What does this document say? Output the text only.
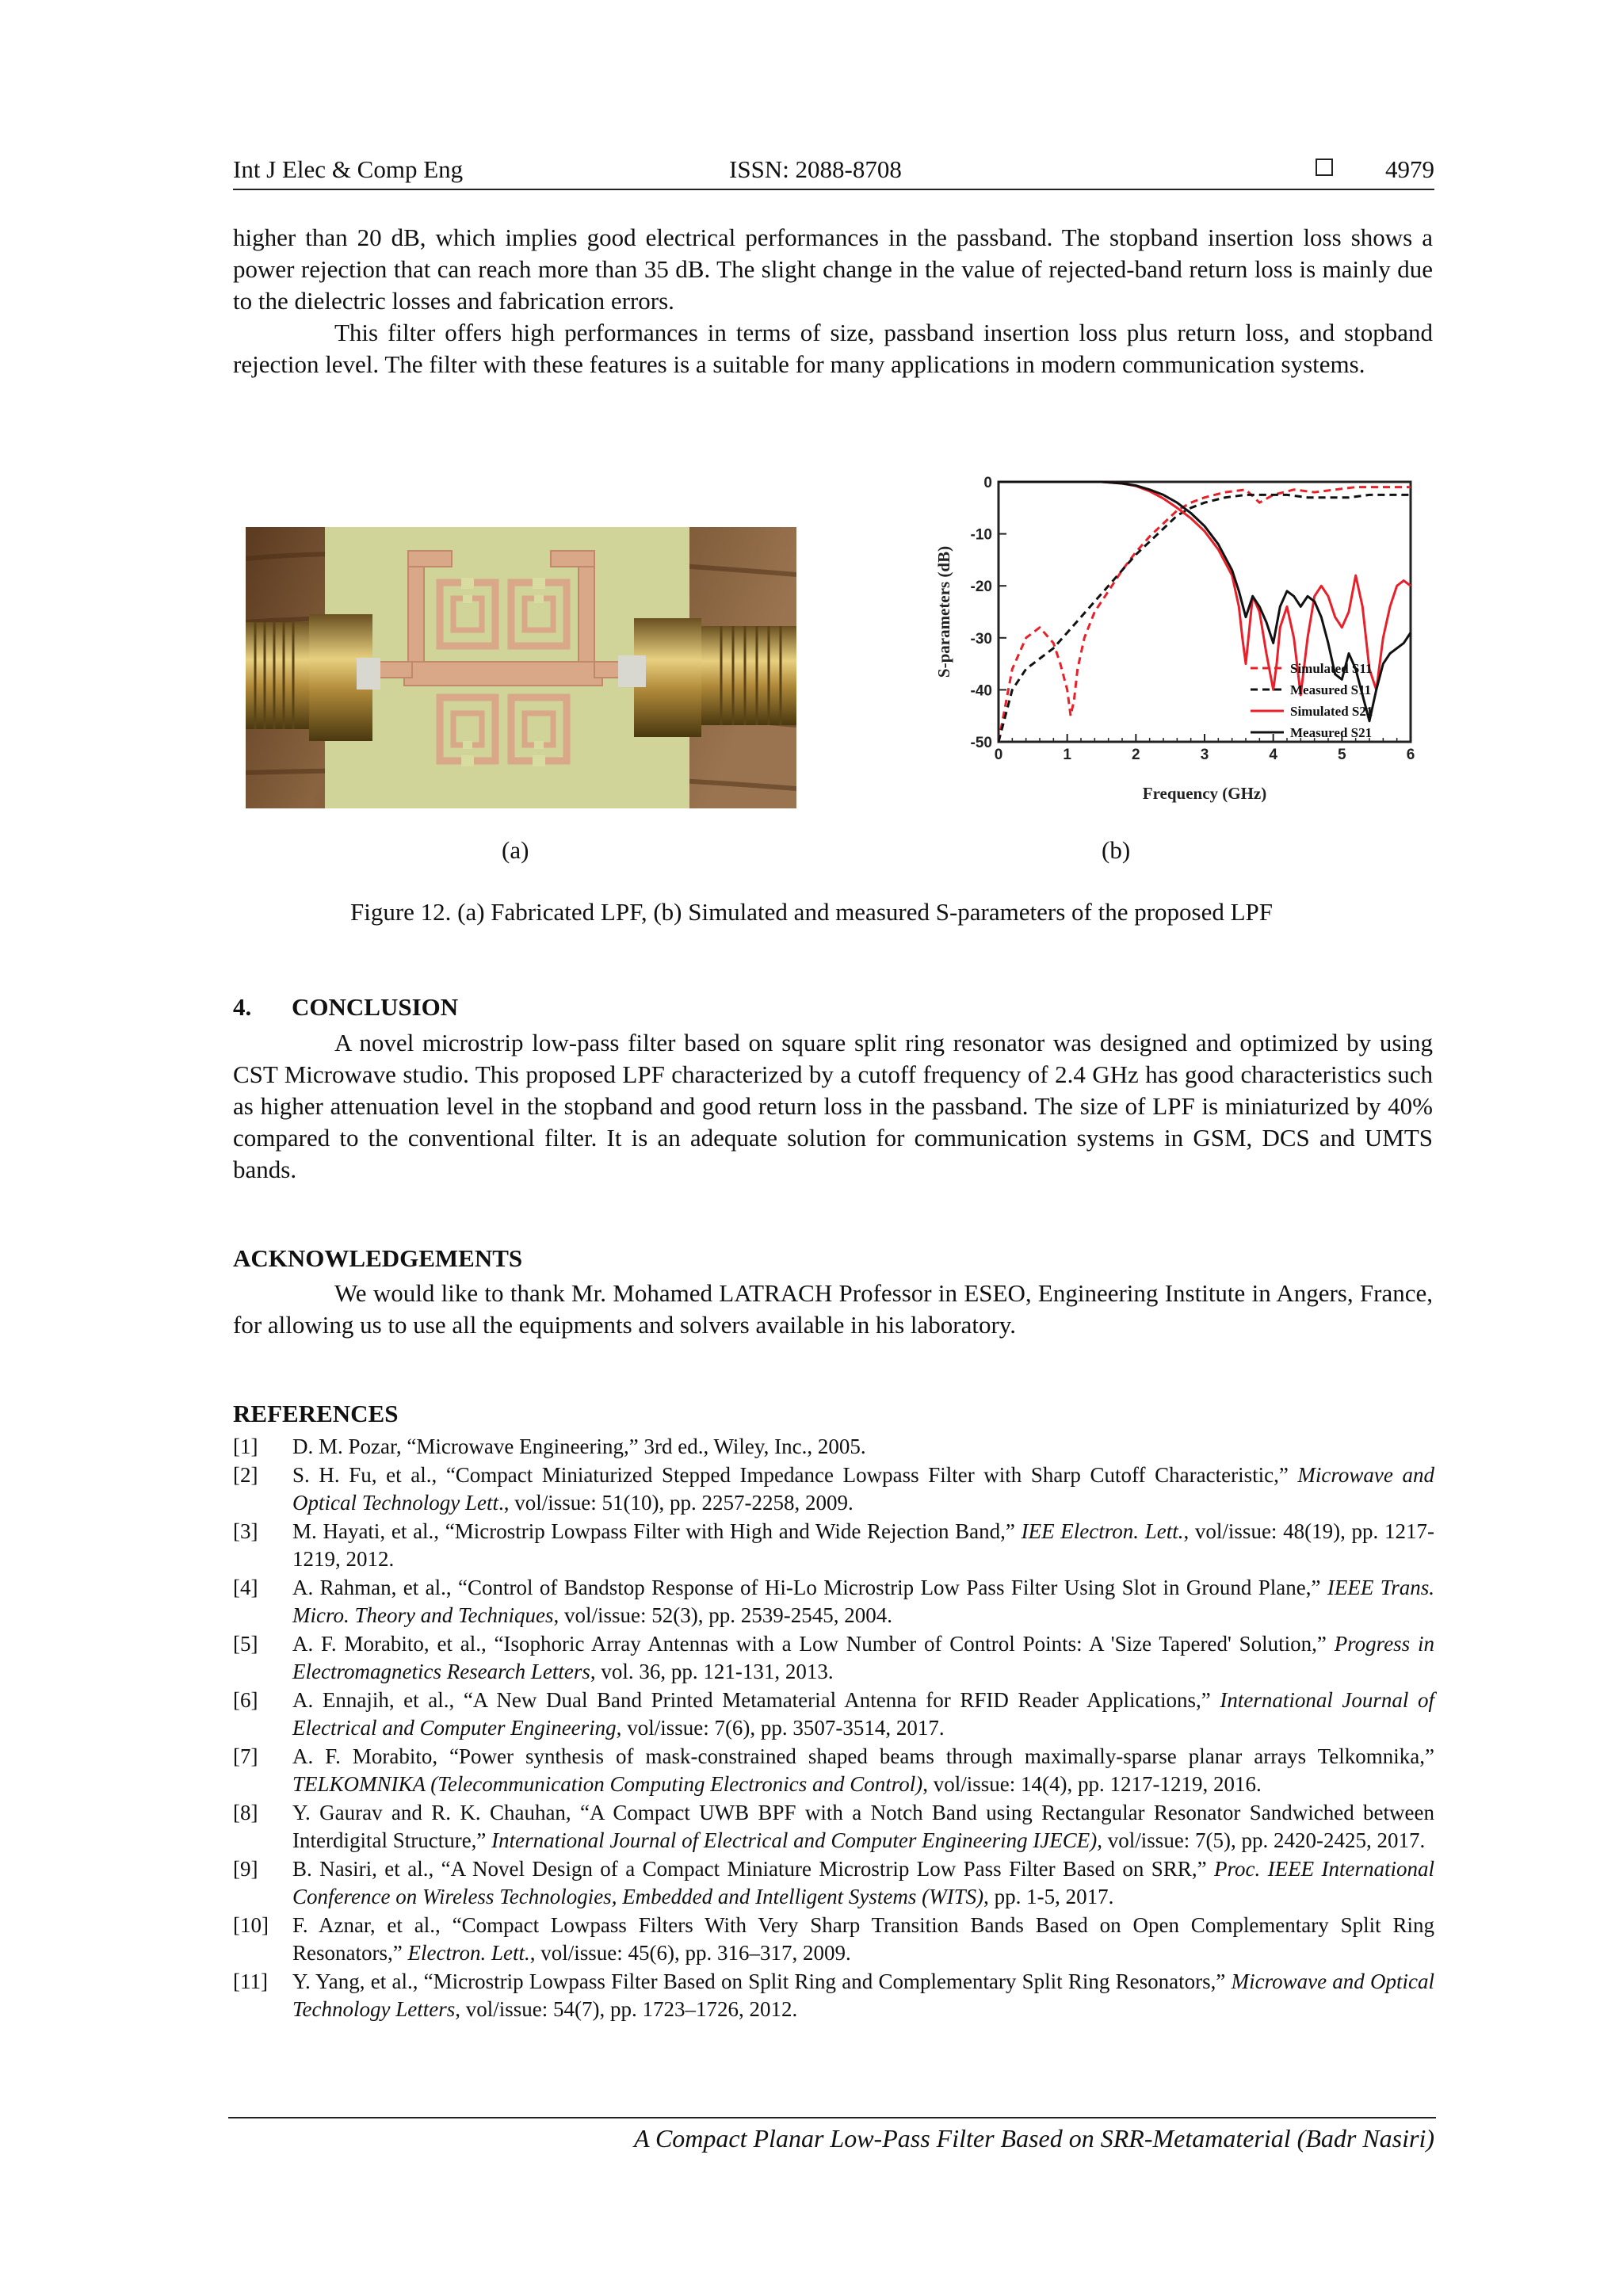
Int J Elec & Comp Eng	ISSN: 2088-8708	4979
higher than 20 dB, which implies good electrical performances in the passband. The stopband insertion loss shows a power rejection that can reach more than 35 dB. The slight change in the value of rejected-band return loss is mainly due to the dielectric losses and fabrication errors.
This filter offers high performances in terms of size, passband insertion loss plus return loss, and stopband rejection level. The filter with these features is a suitable for many applications in modern communication systems.
0	1	2	3	4	5	6
0
-10
-20
-30
-40
-50
Frequency (GHz)
S-parameters (dB)	Simulated S11
Measured S11
Simulated S21
Measured S21
(a)	(b)
Figure 12. (a) Fabricated LPF, (b) Simulated and measured S-parameters of the proposed LPF
4. CONCLUSION
A novel microstrip low-pass filter based on square split ring resonator was designed and optimized by using CST Microwave studio. This proposed LPF characterized by a cutoff frequency of 2.4 GHz has good characteristics such as higher attenuation level in the stopband and good return loss in the passband. The size of LPF is miniaturized by 40% compared to the conventional filter. It is an adequate solution for communication systems in GSM, DCS and UMTS bands.
ACKNOWLEDGEMENTS
We would like to thank Mr. Mohamed LATRACH Professor in ESEO, Engineering Institute in Angers, France, for allowing us to use all the equipments and solvers available in his laboratory.
REFERENCES
[1] D. M. Pozar, “Microwave Engineering,” 3rd ed., Wiley, Inc., 2005.
[2] S. H. Fu, et al., “Compact Miniaturized Stepped Impedance Lowpass Filter with Sharp Cutoff Characteristic,” Microwave and Optical Technology Lett., vol/issue: 51(10), pp. 2257-2258, 2009.
[3] M. Hayati, et al., “Microstrip Lowpass Filter with High and Wide Rejection Band,” IEE Electron. Lett., vol/issue: 48(19), pp. 1217-1219, 2012.
[4] A. Rahman, et al., “Control of Bandstop Response of Hi-Lo Microstrip Low Pass Filter Using Slot in Ground Plane,” IEEE Trans. Micro. Theory and Techniques, vol/issue: 52(3), pp. 2539-2545, 2004.
[5] A. F. Morabito, et al., “Isophoric Array Antennas with a Low Number of Control Points: A 'Size Tapered' Solution,” Progress in Electromagnetics Research Letters, vol. 36, pp. 121-131, 2013.
[6] A. Ennajih, et al., “A New Dual Band Printed Metamaterial Antenna for RFID Reader Applications,” International Journal of Electrical and Computer Engineering, vol/issue: 7(6), pp. 3507-3514, 2017.
[7] A. F. Morabito, “Power synthesis of mask-constrained shaped beams through maximally-sparse planar arrays Telkomnika,” TELKOMNIKA (Telecommunication Computing Electronics and Control), vol/issue: 14(4), pp. 1217-1219, 2016.
[8] Y. Gaurav and R. K. Chauhan, “A Compact UWB BPF with a Notch Band using Rectangular Resonator Sandwiched between Interdigital Structure,” International Journal of Electrical and Computer Engineering IJECE), vol/issue: 7(5), pp. 2420-2425, 2017.
[9] B. Nasiri, et al., “A Novel Design of a Compact Miniature Microstrip Low Pass Filter Based on SRR,” Proc. IEEE International Conference on Wireless Technologies, Embedded and Intelligent Systems (WITS), pp. 1-5, 2017.
[10] F. Aznar, et al., “Compact Lowpass Filters With Very Sharp Transition Bands Based on Open Complementary Split Ring Resonators,” Electron. Lett., vol/issue: 45(6), pp. 316–317, 2009.
[11] Y. Yang, et al., “Microstrip Lowpass Filter Based on Split Ring and Complementary Split Ring Resonators,” Microwave and Optical Technology Letters, vol/issue: 54(7), pp. 1723–1726, 2012.
A Compact Planar Low-Pass Filter Based on SRR-Metamaterial (Badr Nasiri)
